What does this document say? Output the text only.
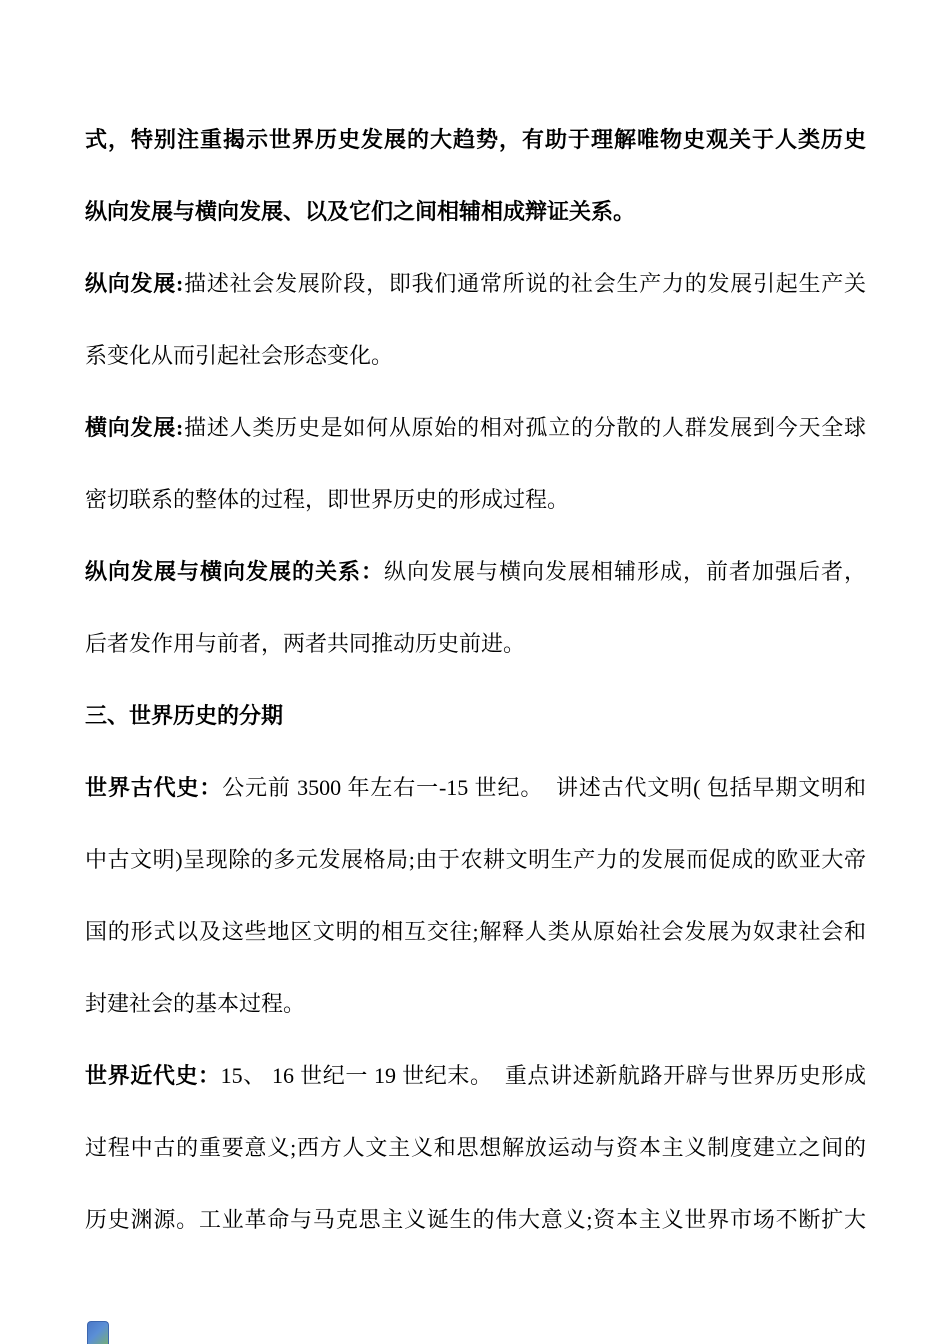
式，特别注重揭示世界历史发展的大趋势，有助于理解唯物史观关于人类历史
纵向发展与横向发展、以及它们之间相辅相成辩证关系。
纵向发展:描述社会发展阶段，即我们通常所说的社会生产力的发展引起生产关
系变化从而引起社会形态变化。
横向发展:描述人类历史是如何从原始的相对孤立的分散的人群发展到今天全球
密切联系的整体的过程，即世界历史的形成过程。
纵向发展与横向发展的关系：纵向发展与横向发展相辅形成，前者加强后者，
后者发作用与前者，两者共同推动历史前进。
三、世界历史的分期
世界古代史：公元前 3500 年左右一-15 世纪。  讲述古代文明( 包括早期文明和
中古文明)呈现除的多元发展格局;由于农耕文明生产力的发展而促成的欧亚大帝
国的形式以及这些地区文明的相互交往;解释人类从原始社会发展为奴隶社会和
封建社会的基本过程。
世界近代史：15、 16 世纪一 19 世纪末。  重点讲述新航路开辟与世界历史形成
过程中古的重要意义;西方人文主义和思想解放运动与资本主义制度建立之间的
历史渊源。工业革命与马克思主义诞生的伟大意义;资本主义世界市场不断扩大
